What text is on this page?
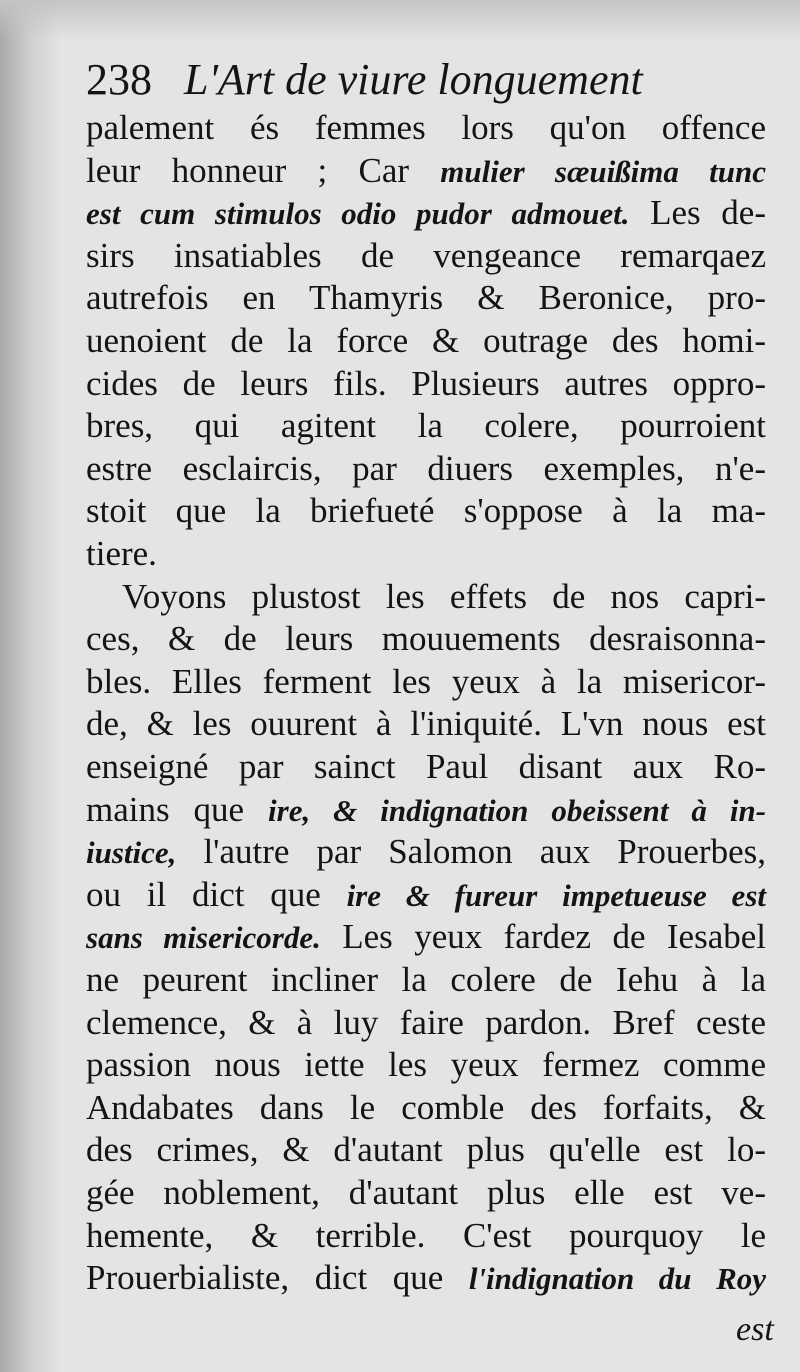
238 L'Art de viure longuement
palement és femmes lors qu'on offence
leur honneur ; Car mulier sæuißima tunc
est cum stimulos odio pudor admouet. Les de-
sirs insatiables de vengeance remarqaez
autrefois en Thamyris & Beronice, pro-
uenoient de la force & outrage des homi-
cides de leurs fils. Plusieurs autres oppro-
bres, qui agitent la colere, pourroient
estre esclaircis, par diuers exemples, n'e-
stoit que la briefueté s'oppose à la ma-
tiere.
Voyons plustost les effets de nos capri-
ces, & de leurs mouuements desraisonna-
bles. Elles ferment les yeux à la misericor-
de, & les ouurent à l'iniquité. L'vn nous est
enseigné par sainct Paul disant aux Ro-
mains que ire, & indignation obeissent à in-
iustice, l'autre par Salomon aux Prouerbes,
ou il dict que ire & fureur impetueuse est
sans misericorde. Les yeux fardez de Iesabel
ne peurent incliner la colere de Iehu à la
clemence, & à luy faire pardon. Bref ceste
passion nous iette les yeux fermez comme
Andabates dans le comble des forfaits, &
des crimes, & d'autant plus qu'elle est lo-
gée noblement, d'autant plus elle est ve-
hemente, & terrible. C'est pourquoy le
Prouerbialiste, dict que l'indignation du Roy
est
